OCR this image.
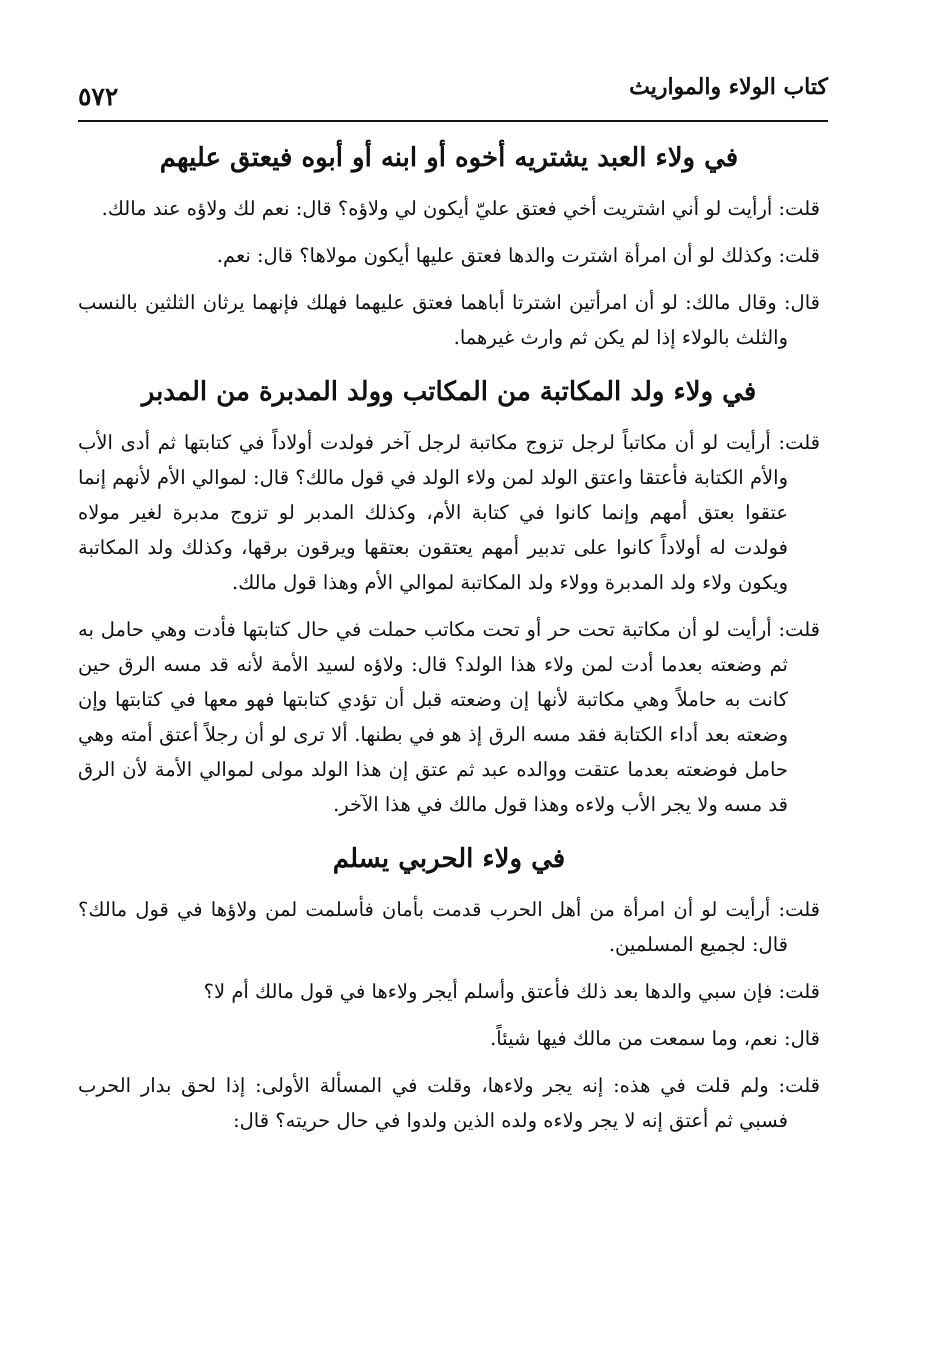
كتاب الولاء والمواريث
٥٧٢
في ولاء العبد يشتريه أخوه أو ابنه أو أبوه فيعتق عليهم

قلت: أرأيت لو أني اشتريت أخي فعتق عليّ أيكون لي ولاؤه؟ قال: نعم لك ولاؤه عند مالك.

قلت: وكذلك لو أن امرأة اشترت والدها فعتق عليها أيكون مولاها؟ قال: نعم.

قال: وقال مالك: لو أن امرأتين اشترتا أباهما فعتق عليهما فهلك فإنهما يرثان الثلثين بالنسب والثلث بالولاء إذا لم يكن ثم وارث غيرهما.

في ولاء ولد المكاتبة من المكاتب وولد المدبرة من المدبر

قلت: أرأيت لو أن مكاتباً لرجل تزوج مكاتبة لرجل آخر فولدت أولاداً في كتابتها ثم أدى الأب والأم الكتابة فأعتقا واعتق الولد لمن ولاء الولد في قول مالك؟ قال: لموالي الأم لأنهم إنما عتقوا بعتق أمهم وإنما كانوا في كتابة الأم، وكذلك المدبر لو تزوج مدبرة لغير مولاه فولدت له أولاداً كانوا على تدبير أمهم يعتقون بعتقها ويرقون برقها، وكذلك ولد المكاتبة ويكون ولاء ولد المدبرة وولاء ولد المكاتبة لموالي الأم وهذا قول مالك.

قلت: أرأيت لو أن مكاتبة تحت حر أو تحت مكاتب حملت في حال كتابتها فأدت وهي حامل به ثم وضعته بعدما أدت لمن ولاء هذا الولد؟ قال: ولاؤه لسيد الأمة لأنه قد مسه الرق حين كانت به حاملاً وهي مكاتبة لأنها إن وضعته قبل أن تؤدي كتابتها فهو معها في كتابتها وإن وضعته بعد أداء الكتابة فقد مسه الرق إذ هو في بطنها. ألا ترى لو أن رجلاً أعتق أمته وهي حامل فوضعته بعدما عتقت ووالده عبد ثم عتق إن هذا الولد مولى لموالي الأمة لأن الرق قد مسه ولا يجر الأب ولاءه وهذا قول مالك في هذا الآخر.

في ولاء الحربي يسلم

قلت: أرأيت لو أن امرأة من أهل الحرب قدمت بأمان فأسلمت لمن ولاؤها في قول مالك؟ قال: لجميع المسلمين.

قلت: فإن سبي والدها بعد ذلك فأعتق وأسلم أيجر ولاءها في قول مالك أم لا؟

قال: نعم، وما سمعت من مالك فيها شيئاً.

قلت: ولم قلت في هذه: إنه يجر ولاءها، وقلت في المسألة الأولى: إذا لحق بدار الحرب فسبي ثم أعتق إنه لا يجر ولاءه ولده الذين ولدوا في حال حريته؟ قال:
